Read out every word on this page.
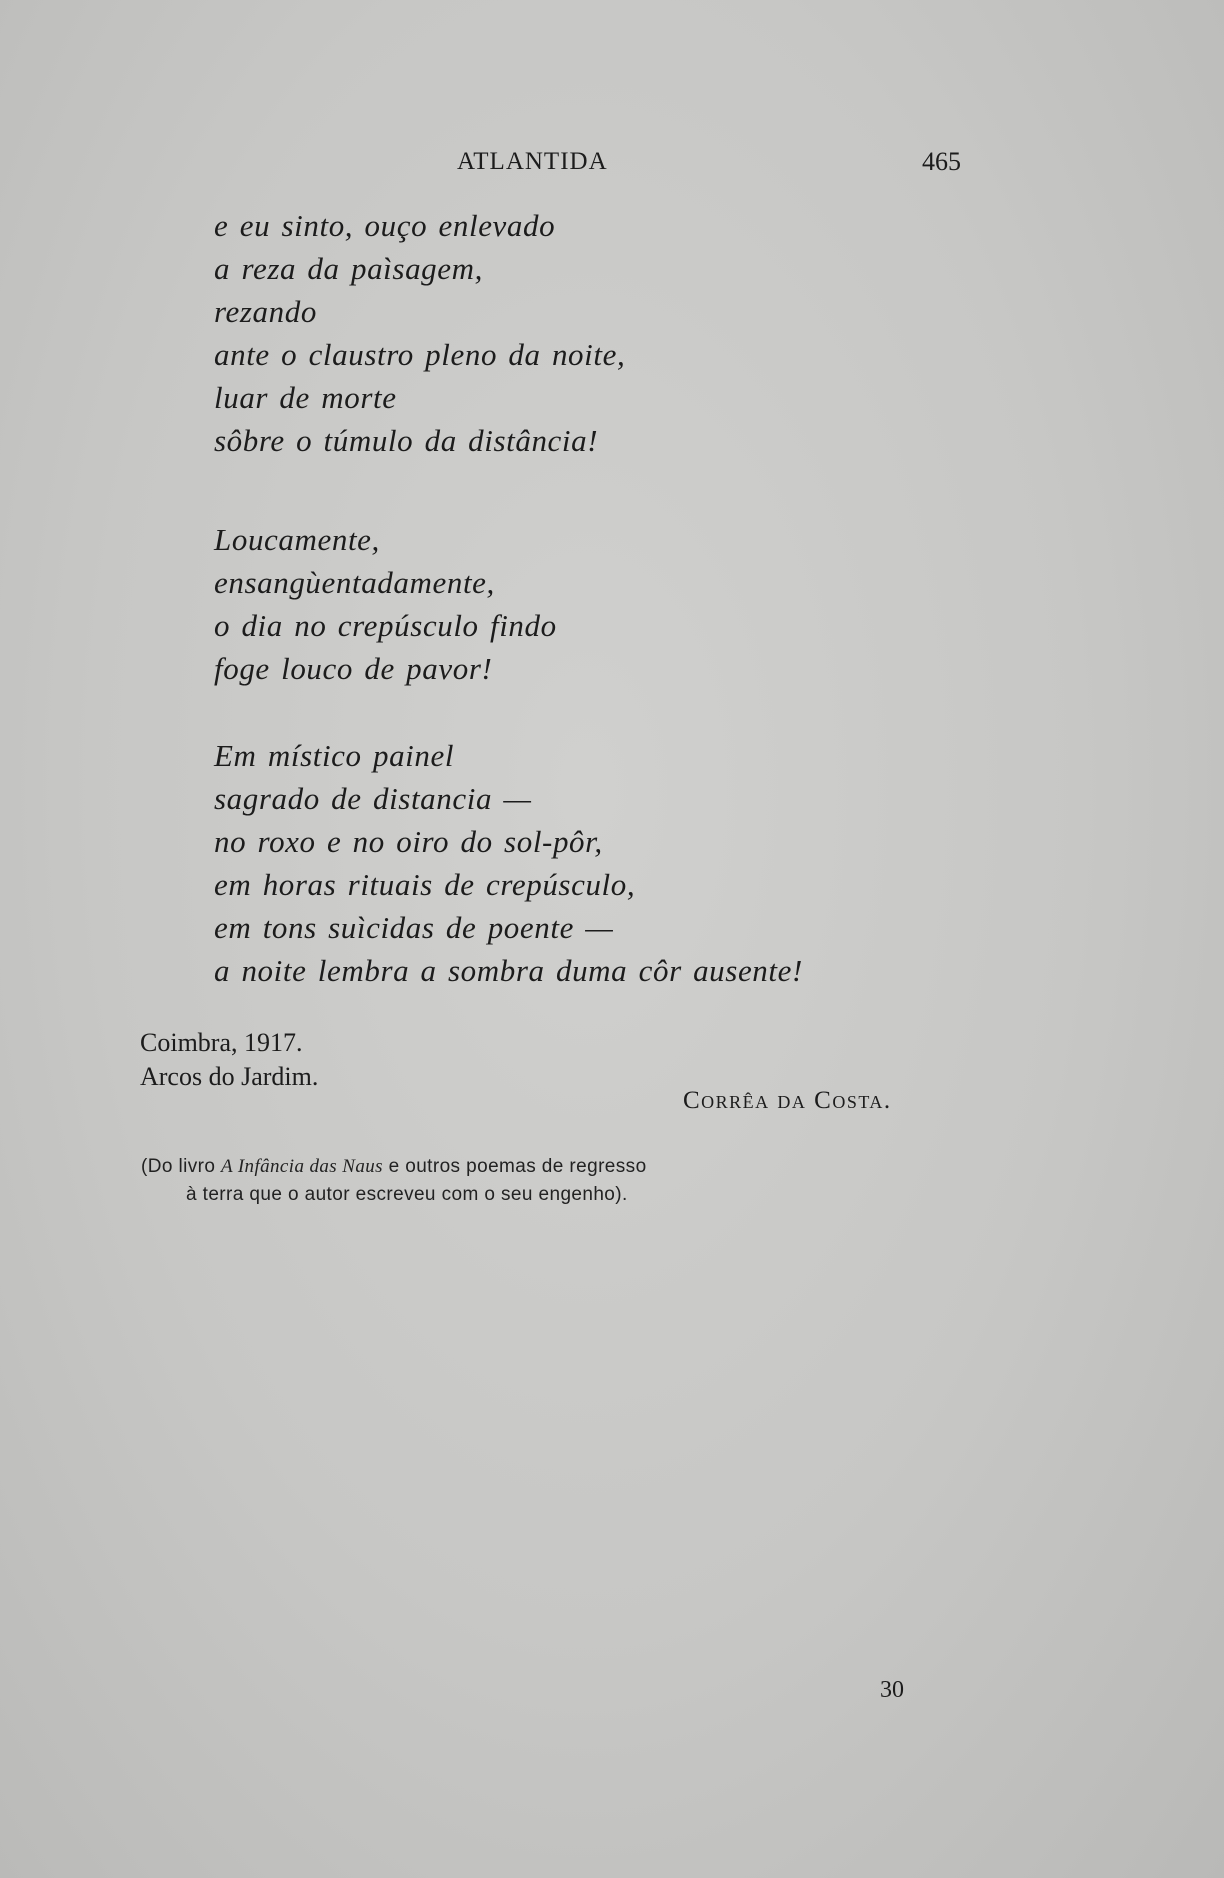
ATLANTIDA	465
e eu sinto, ouço enlevado
a reza da paìsagem,
rezando
ante o claustro pleno da noite,
luar de morte
sôbre o túmulo da distância!
Loucamente,
ensangùentadamente,
o dia no crepúsculo findo
foge louco de pavor!
Em místico painel
sagrado de distancia —
no roxo e no oiro do sol-pôr,
em horas rituais de crepúsculo,
em tons suìcidas de poente —
a noite lembra a sombra duma côr ausente!
Coimbra, 1917.
Arcos do Jardim.
Corrêa da Costa.
(Do livro A Infância das Naus e outros poemas de regresso
à terra que o autor escreveu com o seu engenho).
30
